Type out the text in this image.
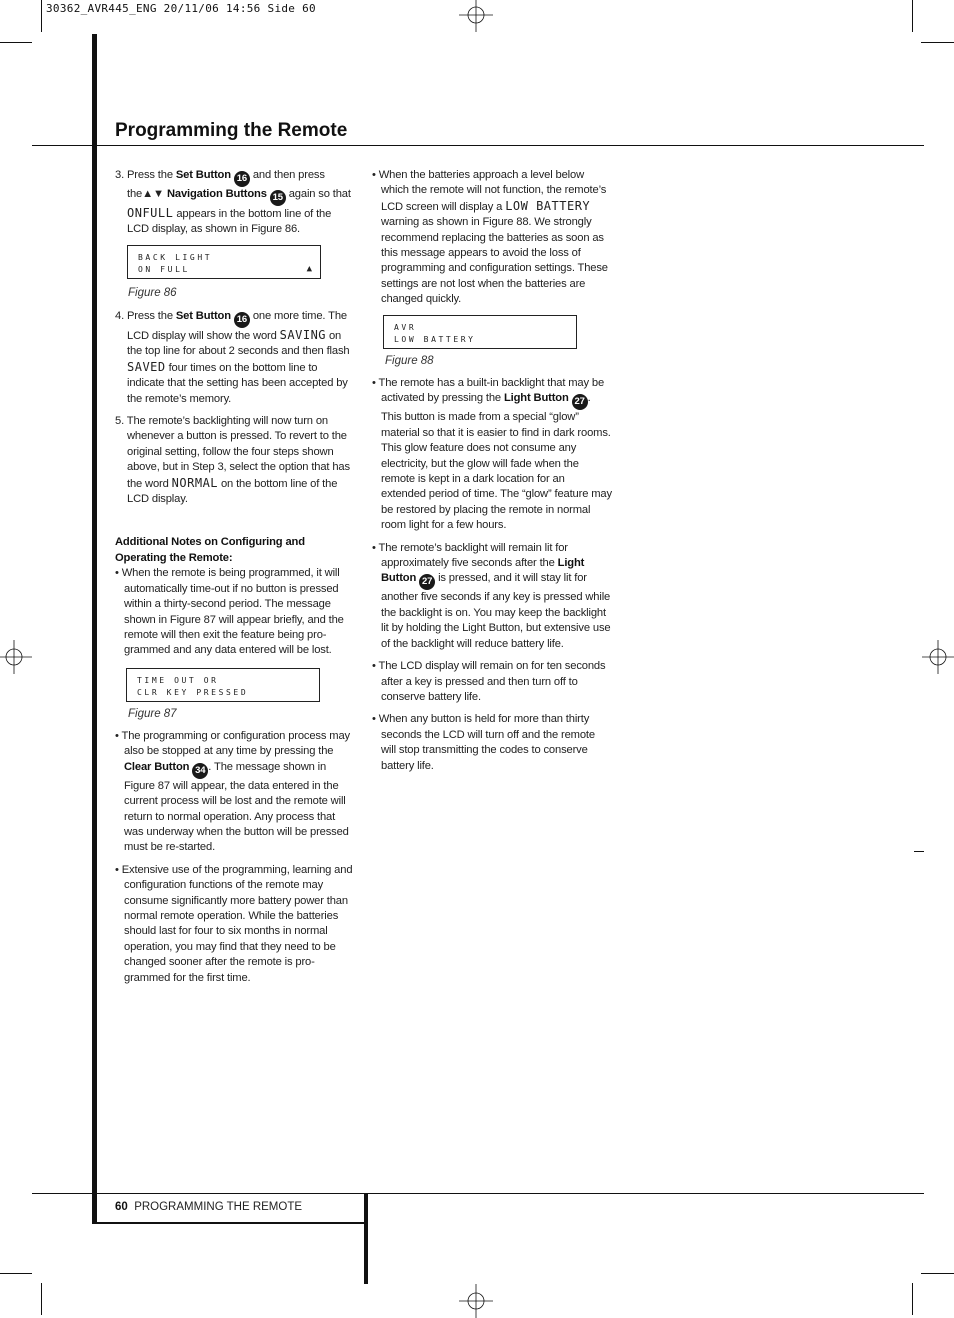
30362_AVR445_ENG 20/11/06 14:56 Side 60
Programming the Remote

3. Press the Set Button 16 and then press the▲▼ Navigation Buttons 15 again so that ONFULL appears in the bottom line of the LCD display, as shown in Figure 86.

BACK LIGHT
ON FULL	▲
Figure 86

4. Press the Set Button 16 one more time. The LCD display will show the word SAVING on the top line for about 2 seconds and then flash SAVED four times on the bottom line to indicate that the setting has been accepted by the remote’s memory.

5. The remote’s backlighting will now turn on whenever a button is pressed. To revert to the original setting, follow the four steps shown above, but in Step 3, select the option that has the word NORMAL on the bottom line of the LCD display.

Additional Notes on Configuring and Operating the Remote:

• When the remote is being programmed, it will automatically time-out if no button is pressed within a thirty-second period. The message shown in Figure 87 will appear briefly, and the remote will then exit the feature being pro-grammed and any data entered will be lost.

TIME OUT OR
CLR KEY PRESSED
Figure 87

• The programming or configuration process may also be stopped at any time by pressing the Clear Button 34 . The message shown in Figure 87 will appear, the data entered in the current process will be lost and the remote will return to normal operation. Any process that was underway when the button will be pressed must be re-started.

• Extensive use of the programming, learning and configuration functions of the remote may consume significantly more battery power than normal remote operation. While the batteries should last for four to six months in normal operation, you may find that they need to be changed sooner after the remote is pro-grammed for the first time.

• When the batteries approach a level below which the remote will not function, the remote’s LCD screen will display a LOW BATTERY warning as shown in Figure 88. We strongly recommend replacing the batteries as soon as this message appears to avoid the loss of programming and configuration settings. These settings are not lost when the batteries are changed quickly.

AVR
LOW BATTERY
Figure 88

• The remote has a built-in backlight that may be activated by pressing the Light Button 27 . This button is made from a special “glow” material so that it is easier to find in dark rooms. This glow feature does not consume any electricity, but the glow will fade when the remote is kept in a dark location for an extended period of time. The “glow” feature may be restored by placing the remote in normal room light for a few hours.

• The remote’s backlight will remain lit for approximately five seconds after the Light Button 27 is pressed, and it will stay lit for another five seconds if any key is pressed while the backlight is on. You may keep the backlight lit by holding the Light Button, but extensive use of the backlight will reduce battery life.

• The LCD display will remain on for ten seconds after a key is pressed and then turn off to conserve battery life.

• When any button is held for more than thirty seconds the LCD will turn off and the remote will stop transmitting the codes to conserve battery life.

60 PROGRAMMING THE REMOTE
